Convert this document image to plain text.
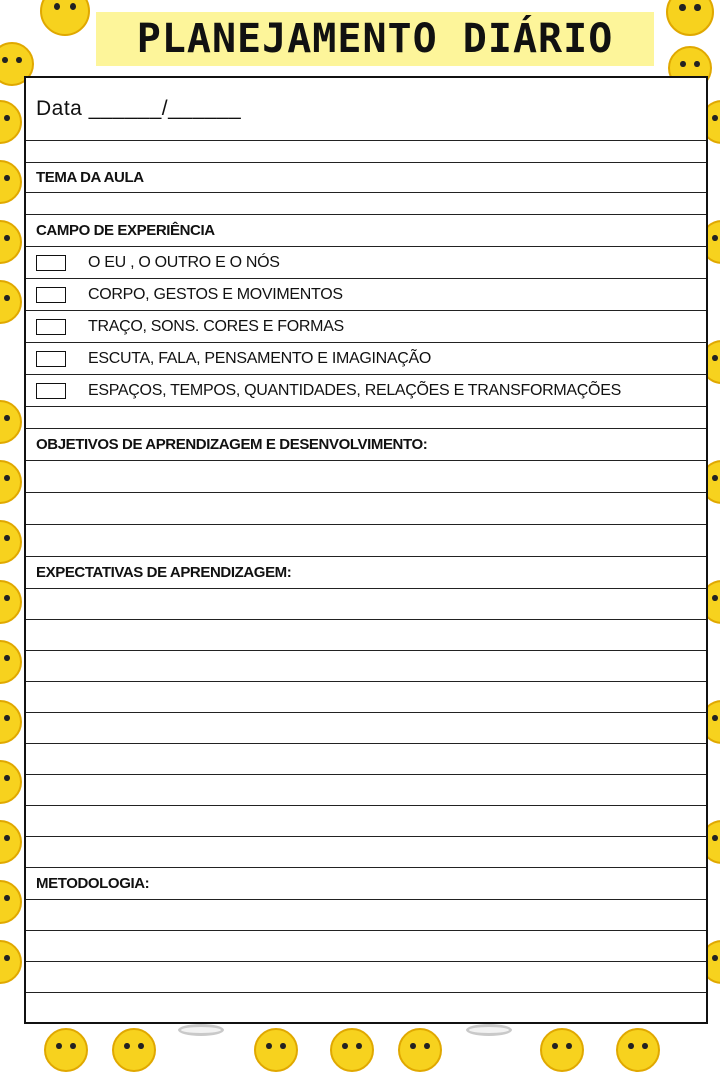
PLANEJAMENTO DIÁRIO
Data ______/______
TEMA DA AULA
CAMPO DE EXPERIÊNCIA
O EU , O OUTRO E O NÓS
CORPO, GESTOS E MOVIMENTOS
TRAÇO, SONS. CORES E FORMAS
ESCUTA, FALA, PENSAMENTO E IMAGINAÇÃO
ESPAÇOS, TEMPOS, QUANTIDADES, RELAÇÕES E TRANSFORMAÇÕES
OBJETIVOS DE APRENDIZAGEM E DESENVOLVIMENTO:
EXPECTATIVAS DE APRENDIZAGEM:
METODOLOGIA:
